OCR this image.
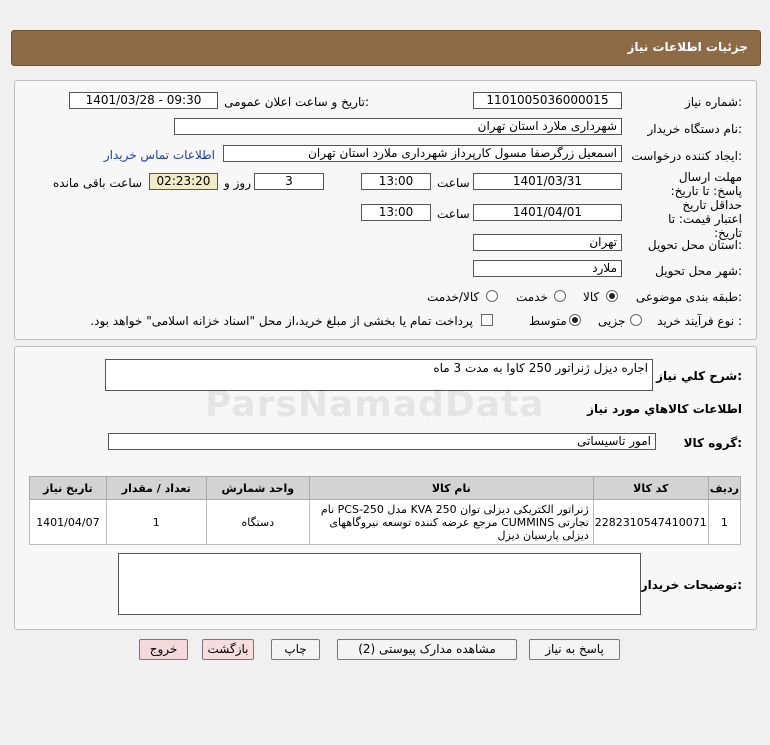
جزئیات اطلاعات نیاز
شماره نیاز:
1101005036000015
تاریخ و ساعت اعلان عمومی:
1401/03/28 - 09:30
نام دستگاه خریدار:
شهرداری ملارد استان تهران
ایجاد کننده درخواست:
اسمعیل زرگرصفا مسول کارپرداز شهرداری ملارد استان تهران
اطلاعات تماس خریدار
مهلت ارسال پاسخ: تا تاریخ:
1401/03/31
ساعت
13:00
3
روز و
02:23:20
ساعت باقی مانده
حداقل تاریخ اعتبار قیمت: تا تاریخ:
1401/04/01
ساعت
13:00
استان محل تحویل:
تهران
شهر محل تحویل:
ملارد
طبقه بندی موضوعی:
کالا
خدمت
کالا/خدمت
نوع فرآیند خرید :
جزیی
متوسط
پرداخت تمام یا بخشی از مبلغ خرید،از محل "اسناد خزانه اسلامی" خواهد بود.
شرح کلي نياز:
اجاره دیزل ژنراتور 250 کاوا به مدت 3 ماه
اطلاعات کالاهاي مورد نياز
گروه کالا:
امور تاسیساتی
ردیف	کد کالا	نام کالا	واحد شمارش	تعداد / مقدار	تاریخ نیاز
1	2282310547410071	ژنراتور الکتریکی دیزلی توان KVA 250 مدل PCS-250 نام تجارتی CUMMINS مرجع عرضه کننده توسعه نیروگاههای دیزلی پارسیان دیزل	دستگاه	1	1401/04/07
توضیحات خریدار:
پاسخ به نیاز
مشاهده مدارک پیوستی (2)
چاپ
بازگشت
خروج
